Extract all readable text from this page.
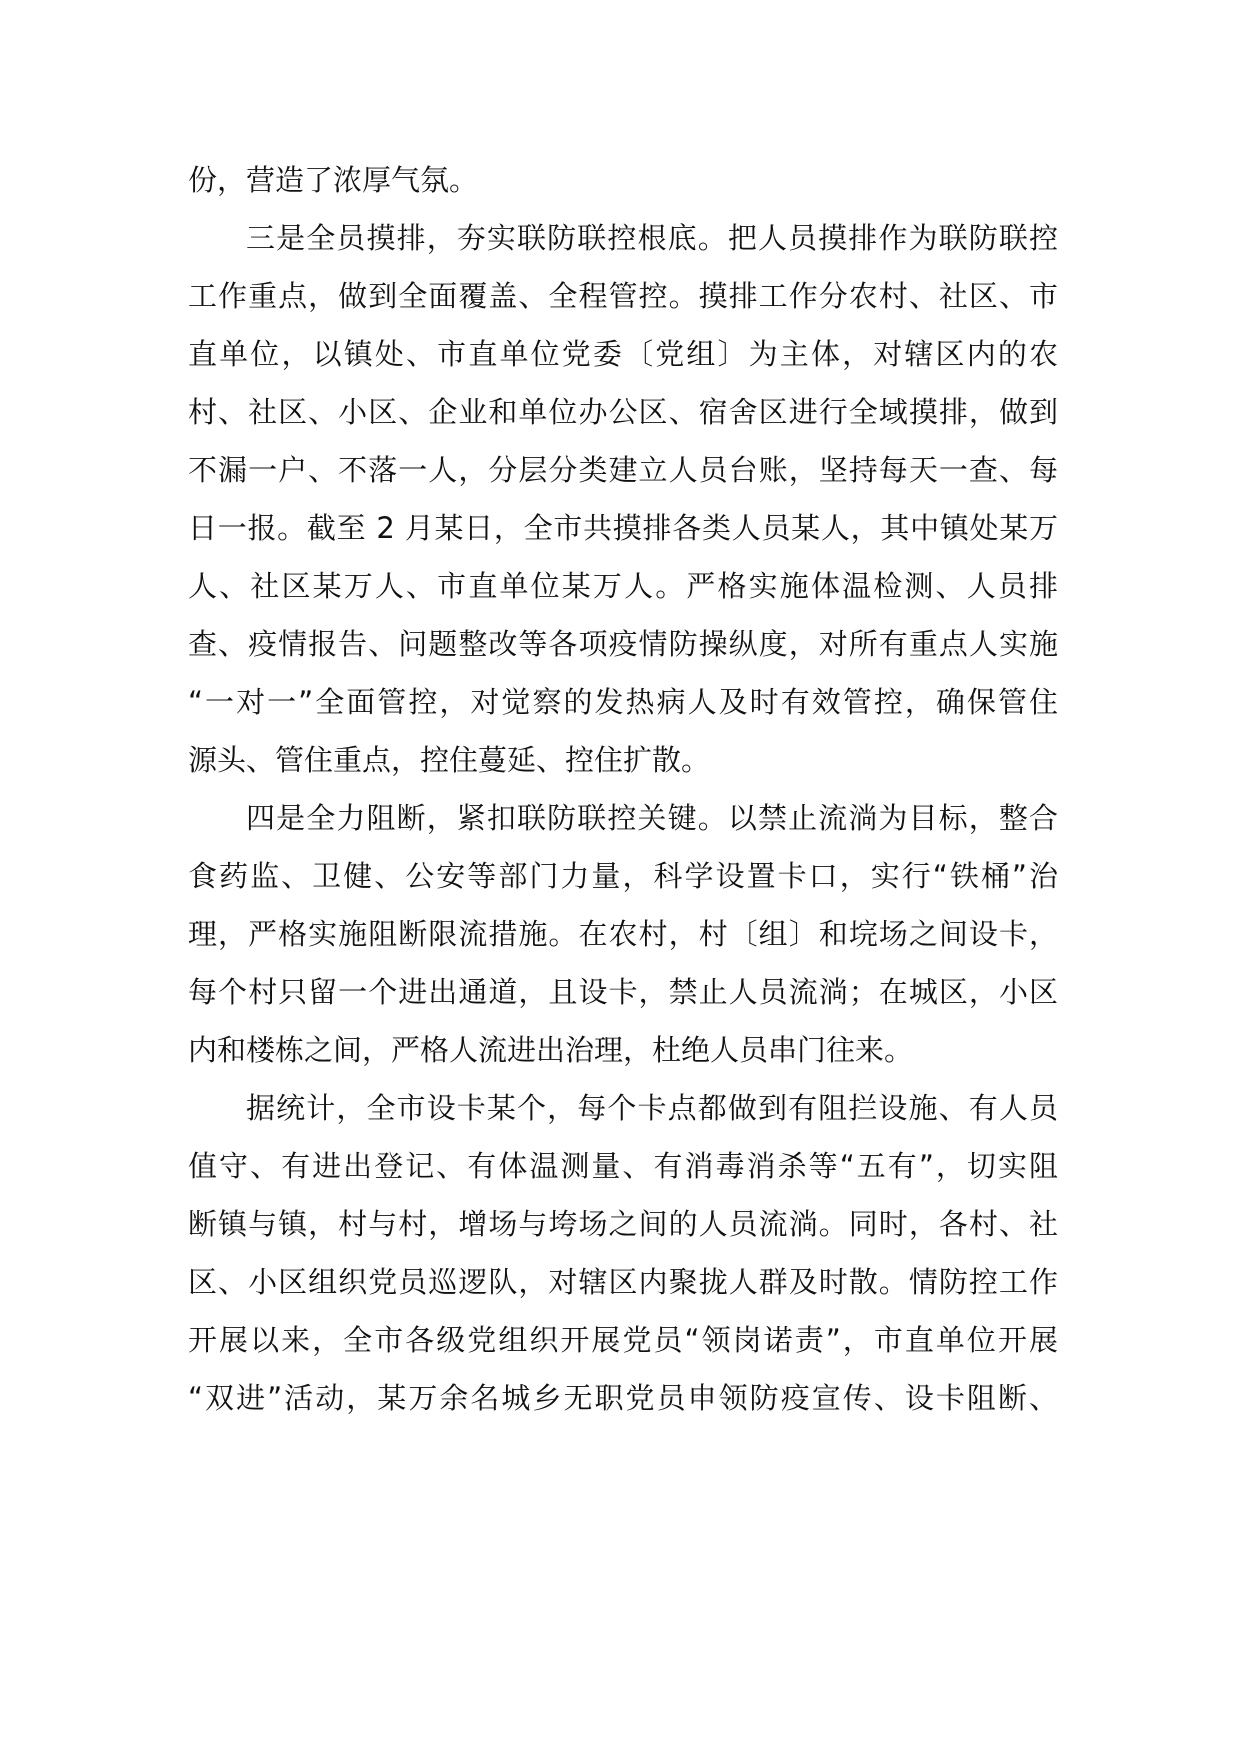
份，营造了浓厚气氛。
三是全员摸排，夯实联防联控根底。把人员摸排作为联防联控
工作重点，做到全面覆盖、全程管控。摸排工作分农村、社区、市
直单位，以镇处、市直单位党委〔党组〕为主体，对辖区内的农
村、社区、小区、企业和单位办公区、宿舍区进行全域摸排，做到
不漏一户、不落一人，分层分类建立人员台账，坚持每天一查、每
日一报。截至 2 月某日，全市共摸排各类人员某人，其中镇处某万
人、社区某万人、市直单位某万人。严格实施体温检测、人员排
查、疫情报告、问题整改等各项疫情防操纵度，对所有重点人实施
“一对一”全面管控，对觉察的发热病人及时有效管控，确保管住
源头、管住重点，控住蔓延、控住扩散。
四是全力阻断，紧扣联防联控关键。以禁止流淌为目标，整合
食药监、卫健、公安等部门力量，科学设置卡口，实行“铁桶”治
理，严格实施阻断限流措施。在农村，村〔组〕和垸场之间设卡，
每个村只留一个进出通道，且设卡，禁止人员流淌；在城区，小区
内和楼栋之间，严格人流进出治理，杜绝人员串门往来。
据统计，全市设卡某个，每个卡点都做到有阻拦设施、有人员
值守、有进出登记、有体温测量、有消毒消杀等“五有”，切实阻
断镇与镇，村与村，增场与垮场之间的人员流淌。同时，各村、社
区、小区组织党员巡逻队，对辖区内聚拢人群及时散。情防控工作
开展以来，全市各级党组织开展党员“领岗诺责”，市直单位开展
“双进”活动，某万余名城乡无职党员申领防疫宣传、设卡阻断、
